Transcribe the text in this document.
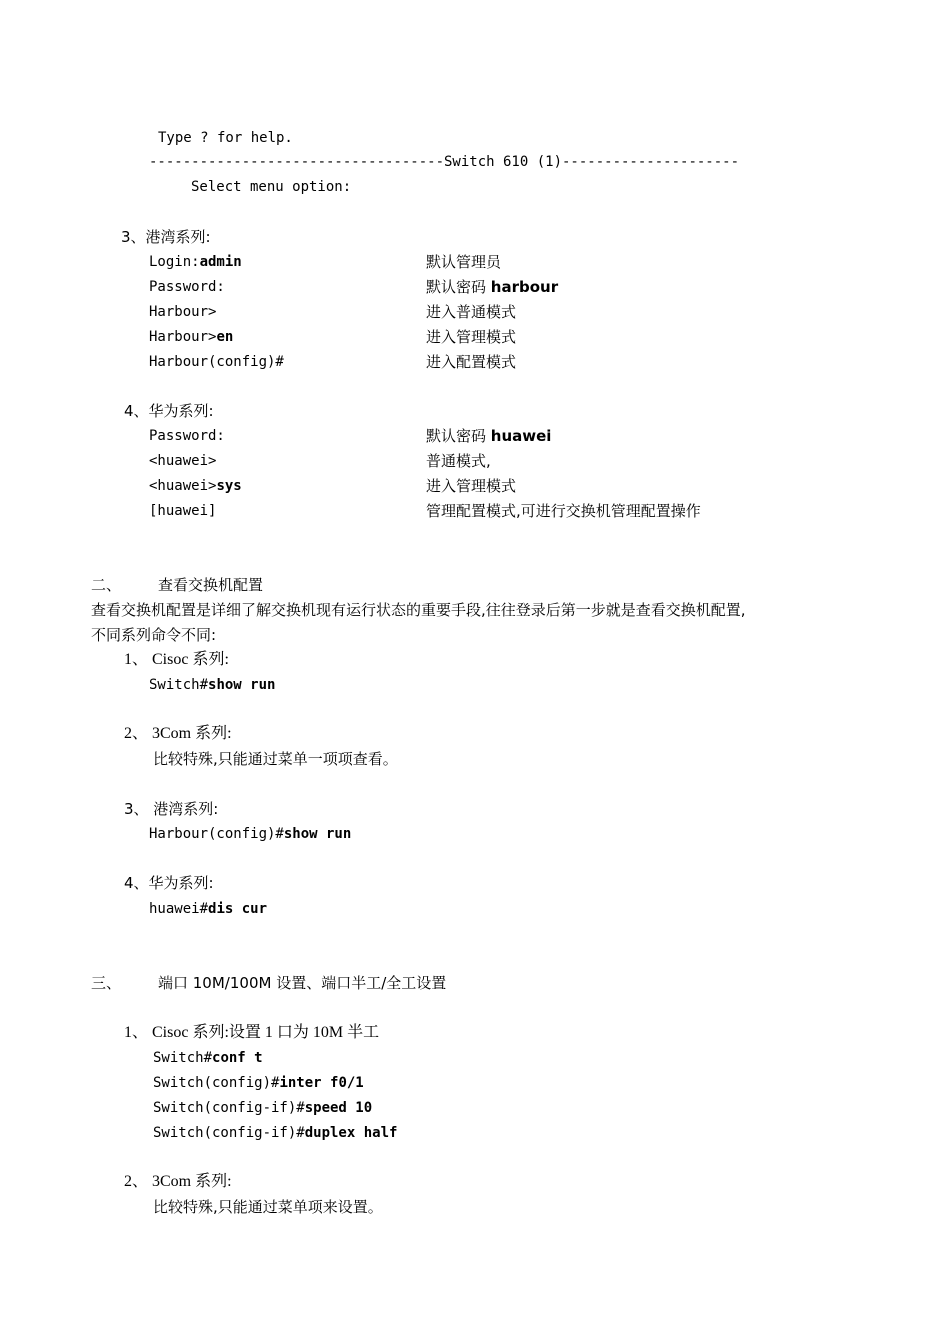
Type ? for help.
-----------------------------------Switch 610 (1)---------------------
Select menu option:
3、港湾系列:
Login:admin	默认管理员
Password:	默认密码 harbour
Harbour>	进入普通模式
Harbour>en	进入管理模式
Harbour(config)#	进入配置模式
4、华为系列:
Password:	默认密码 huawei
<huawei>	普通模式,
<huawei>sys	进入管理模式
[huawei]	管理配置模式,可进行交换机管理配置操作
二、 查看交换机配置
查看交换机配置是详细了解交换机现有运行状态的重要手段,往往登录后第一步就是查看交换机配置,
不同系列命令不同:
1、 Cisoc 系列:
Switch#show run
2、 3Com 系列:
比较特殊,只能通过菜单一项项查看。
3、 港湾系列:
Harbour(config)#show run
4、华为系列:
huawei#dis cur
三、 端口 10M/100M 设置、端口半工/全工设置
1、 Cisoc 系列:设置 1 口为 10M 半工
Switch#conf t
Switch(config)#inter f0/1
Switch(config-if)#speed 10
Switch(config-if)#duplex half
2、 3Com 系列:
比较特殊,只能通过菜单项来设置。
